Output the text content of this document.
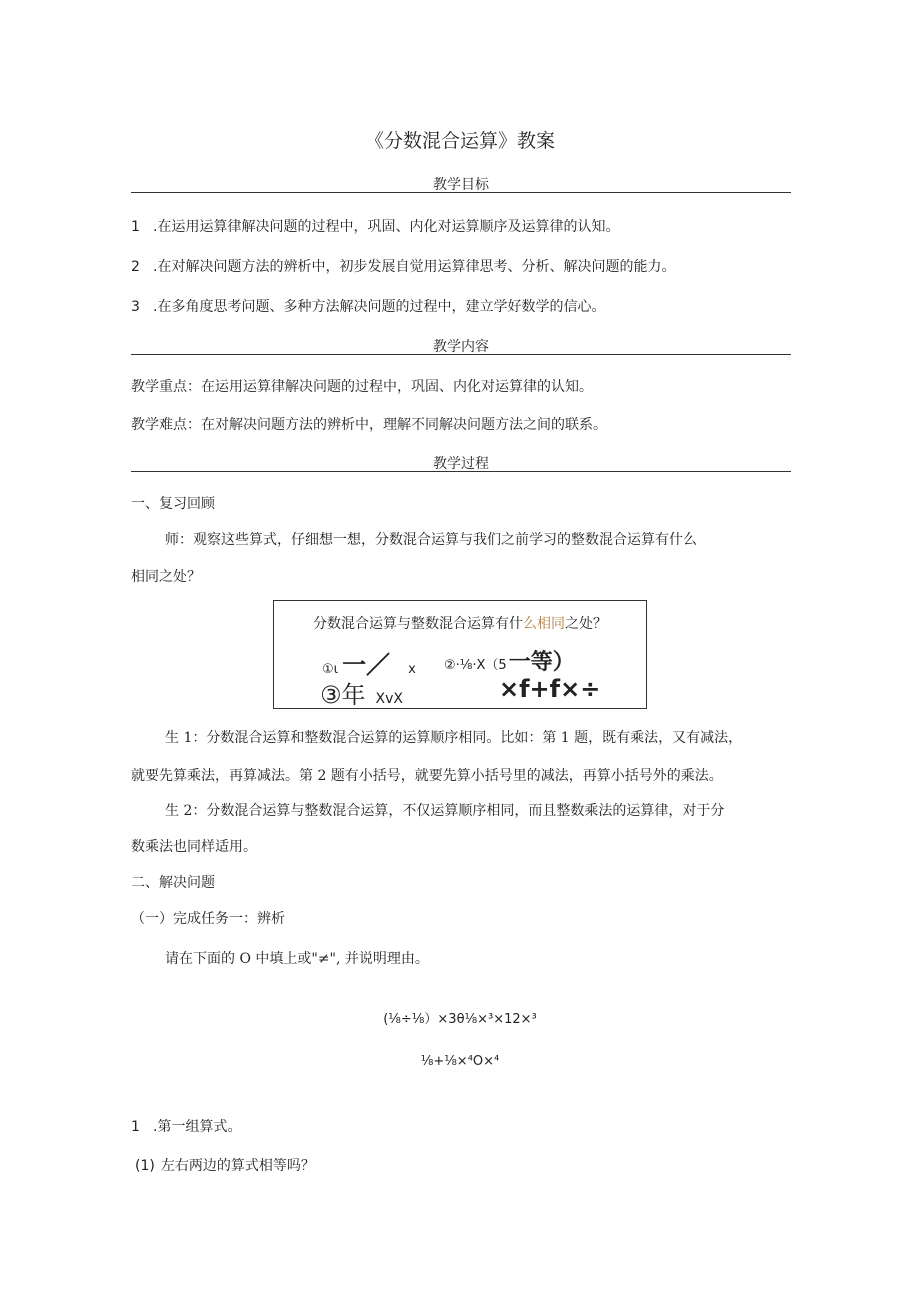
《分数混合运算》教案
教学目标
1 .在运用运算律解决问题的过程中，巩固、内化对运算顺序及运算律的认知。
2 .在对解决问题方法的辨析中，初步发展自觉用运算律思考、分析、解决问题的能力。
3 .在多角度思考问题、多种方法解决问题的过程中，建立学好数学的信心。
教学内容
教学重点：在运用运算律解决问题的过程中，巩固、内化对运算律的认知。
教学难点：在对解决问题方法的辨析中，理解不同解决问题方法之间的联系。
教学过程
一、复习回顾
师：观察这些算式，仔细想一想，分数混合运算与我们之前学习的整数混合运算有什么
相同之处？
分数混合运算与整数混合运算有什么相同之处？
①ι 一／ x ②·⅛·X（5一等）
③年 XvX	×f+f×÷
生 1：分数混合运算和整数混合运算的运算顺序相同。比如：第 1 题，既有乘法，又有减法，
就要先算乘法，再算减法。第 2 题有小括号，就要先算小括号里的减法，再算小括号外的乘法。
生 2：分数混合运算与整数混合运算，不仅运算顺序相同，而且整数乘法的运算律，对于分
数乘法也同样适用。
二、解决问题
（一）完成任务一：辨析
请在下面的 O 中填上或"≠", 并说明理由。
(⅛÷⅛）×3θ⅛×³×12×³
⅛+⅛×⁴O×⁴
1 .第一组算式。
(1) 左右两边的算式相等吗？
